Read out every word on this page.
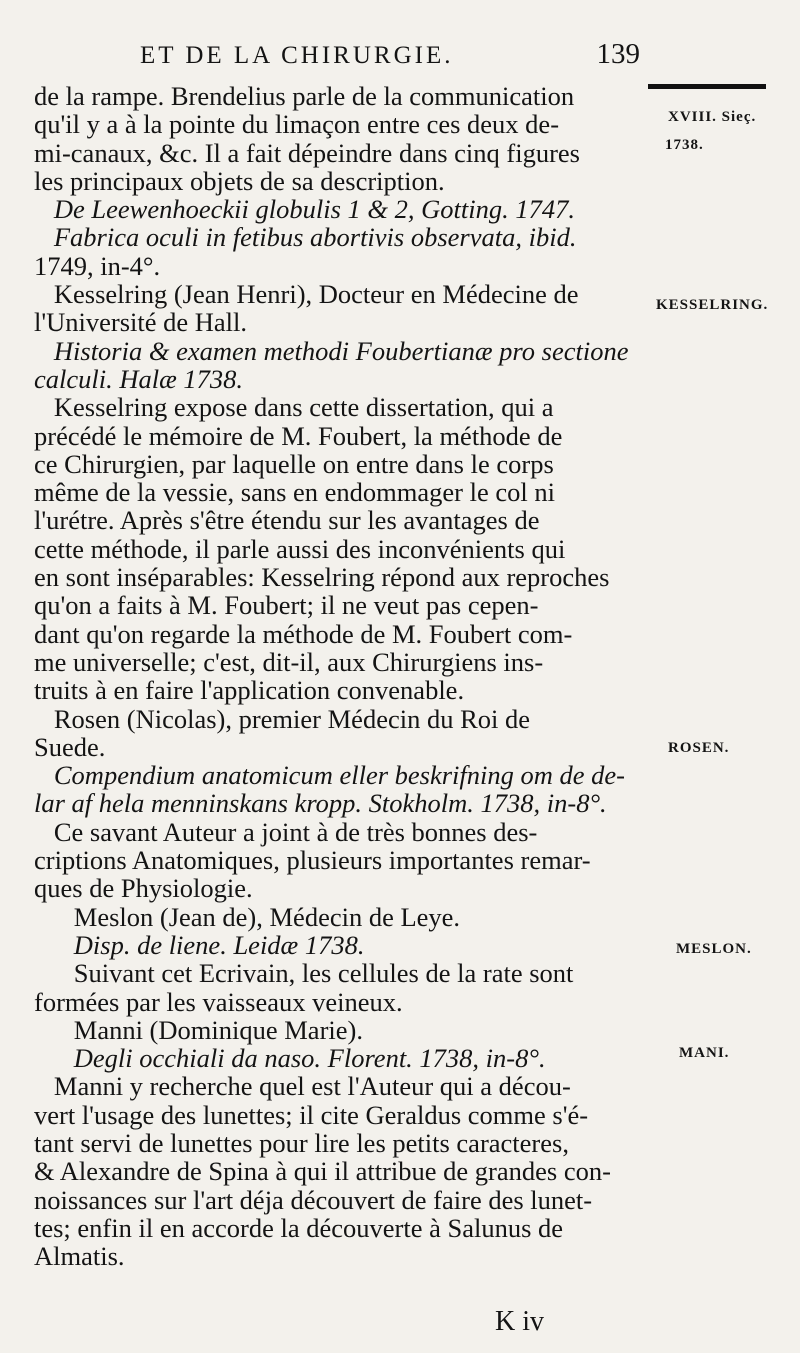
ET DE LA CHIRURGIE.	139
de la rampe. Brendelius parle de la communication
qu'il y a à la pointe du limaçon entre ces deux de-
mi-canaux, &c. Il a fait dépeindre dans cinq figures
les principaux objets de sa description.
De Leewenhoeckii globulis 1 & 2, Gotting. 1747.
Fabrica oculi in fetibus abortivis observata, ibid.
1749, in-4°.
Kesselring (Jean Henri), Docteur en Médecine de
l'Université de Hall.
Historia & examen methodi Foubertianæ pro sectione
calculi. Halæ 1738.
Kesselring expose dans cette dissertation, qui a
précédé le mémoire de M. Foubert, la méthode de
ce Chirurgien, par laquelle on entre dans le corps
même de la vessie, sans en endommager le col ni
l'urétre. Après s'être étendu sur les avantages de
cette méthode, il parle aussi des inconvénients qui
en sont inséparables: Kesselring répond aux reproches
qu'on a faits à M. Foubert; il ne veut pas cepen-
dant qu'on regarde la méthode de M. Foubert com-
me universelle; c'est, dit-il, aux Chirurgiens ins-
truits à en faire l'application convenable.
Rosen (Nicolas), premier Médecin du Roi de
Suede.
Compendium anatomicum eller beskrifning om de de-
lar af hela menninskans kropp. Stokholm. 1738, in-8°.
Ce savant Auteur a joint à de très bonnes des-
criptions Anatomiques, plusieurs importantes remar-
ques de Physiologie.
Meslon (Jean de), Médecin de Leye.
Disp. de liene. Leidæ 1738.
Suivant cet Ecrivain, les cellules de la rate sont
formées par les vaisseaux veineux.
Manni (Dominique Marie).
Degli occhiali da naso. Florent. 1738, in-8°.
Manni y recherche quel est l'Auteur qui a décou-
vert l'usage des lunettes; il cite Geraldus comme s'é-
tant servi de lunettes pour lire les petits caracteres,
& Alexandre de Spina à qui il attribue de grandes con-
noissances sur l'art déja découvert de faire des lunet-
tes; enfin il en accorde la découverte à Salunus de
Almatis.
XVIII. Sieç.
1738.
KESSELRING.
ROSEN.
MESLON.
MANI.
K iv
